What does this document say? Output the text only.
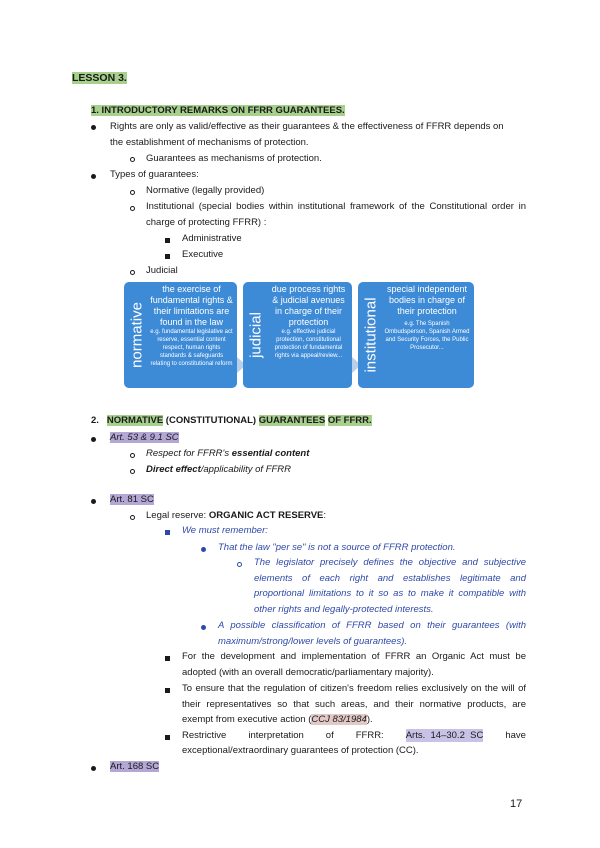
LESSON 3.
1. INTRODUCTORY REMARKS ON FFRR GUARANTEES.
Rights are only as valid/effective as their guarantees & the effectiveness of FFRR depends on
the establishment of mechanisms of protection.
Guarantees as mechanisms of protection.
Types of guarantees:
Normative (legally provided)
Institutional (special bodies within institutional framework of the Constitutional order in charge of protecting FFRR) :
Administrative
Executive
Judicial
normative
the exercise of fundamental rights & their limitations are found in the law
e.g. fundamental legislative act reserve, essential content respect, human rights standards & safeguards relating to constitutional reform
judicial
due process rights & judicial avenues in charge of their protection
e.g. effective judicial protection, constitutional protection of fundamental rights via appeal/review...	institutional
special independent bodies in charge of their protection
e.g. The Spanish Ombudsperson, Spanish Armed and Security Forces, the Public Prosecutor...
2. NORMATIVE (CONSTITUTIONAL) GUARANTEES OF FFRR.
Art. 53 & 9.1 SC
Respect for FFRR's essential content
Direct effect/applicability of FFRR
Art. 81 SC
Legal reserve: ORGANIC ACT RESERVE:
We must remember:
That the law "per se" is not a source of FFRR protection.
The legislator precisely defines the objective and subjective elements of each right and establishes legitimate and proportional limitations to it so as to make it compatible with other rights and legally-protected interests.
A possible classification of FFRR based on their guarantees (with maximum/strong/lower levels of guarantees).
For the development and implementation of FFRR an Organic Act must be adopted (with an overall democratic/parliamentary majority).
To ensure that the regulation of citizen's freedom relies exclusively on the will of their representatives so that such areas, and their normative products, are exempt from executive action (CCJ 83/1984).
Restrictive interpretation of FFRR: Arts.  14–30.2  SC have
exceptional/extraordinary guarantees of protection (CC).
Art. 168 SC
17
